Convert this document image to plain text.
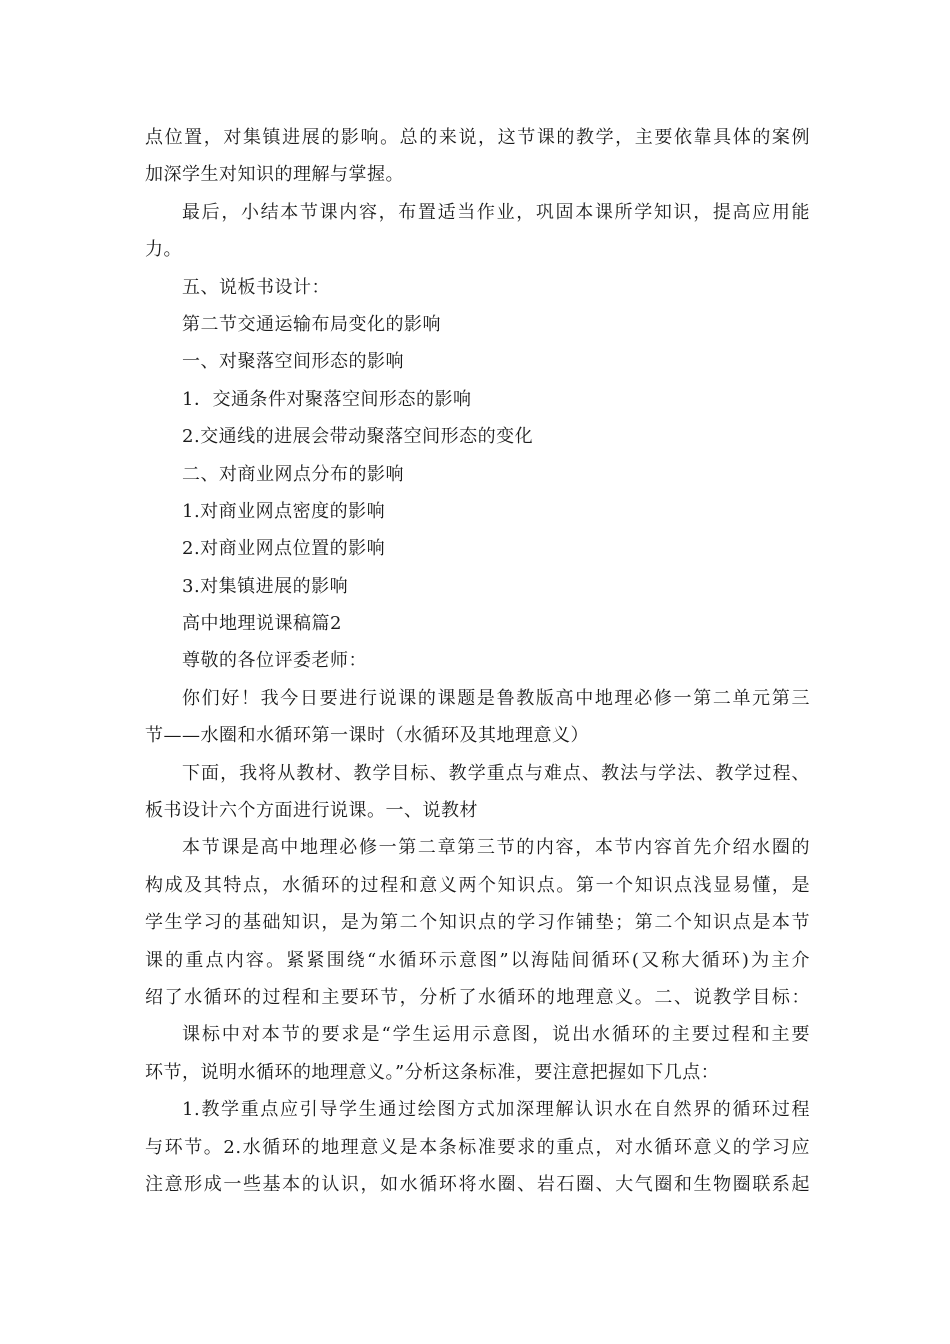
点位置，对集镇进展的影响。总的来说，这节课的教学，主要依靠具体的案例
加深学生对知识的理解与掌握。
最后，小结本节课内容，布置适当作业，巩固本课所学知识，提高应用能
力。
五、说板书设计：
第二节交通运输布局变化的影响
一、对聚落空间形态的影响
1．交通条件对聚落空间形态的影响
2.交通线的进展会带动聚落空间形态的变化
二、对商业网点分布的影响
1.对商业网点密度的影响
2.对商业网点位置的影响
3.对集镇进展的影响
高中地理说课稿篇2
尊敬的各位评委老师：
你们好！我今日要进行说课的课题是鲁教版高中地理必修一第二单元第三
节——水圈和水循环第一课时（水循环及其地理意义）
下面，我将从教材、教学目标、教学重点与难点、教法与学法、教学过程、
板书设计六个方面进行说课。一、说教材
本节课是高中地理必修一第二章第三节的内容，本节内容首先介绍水圈的
构成及其特点，水循环的过程和意义两个知识点。第一个知识点浅显易懂，是
学生学习的基础知识，是为第二个知识点的学习作铺垫；第二个知识点是本节
课的重点内容。紧紧围绕“水循环示意图”以海陆间循环(又称大循环)为主介
绍了水循环的过程和主要环节，分析了水循环的地理意义。二、说教学目标：
课标中对本节的要求是“学生运用示意图，说出水循环的主要过程和主要
环节，说明水循环的地理意义。”分析这条标准，要注意把握如下几点：
1.教学重点应引导学生通过绘图方式加深理解认识水在自然界的循环过程
与环节。2.水循环的地理意义是本条标准要求的重点，对水循环意义的学习应
注意形成一些基本的认识，如水循环将水圈、岩石圈、大气圈和生物圈联系起
